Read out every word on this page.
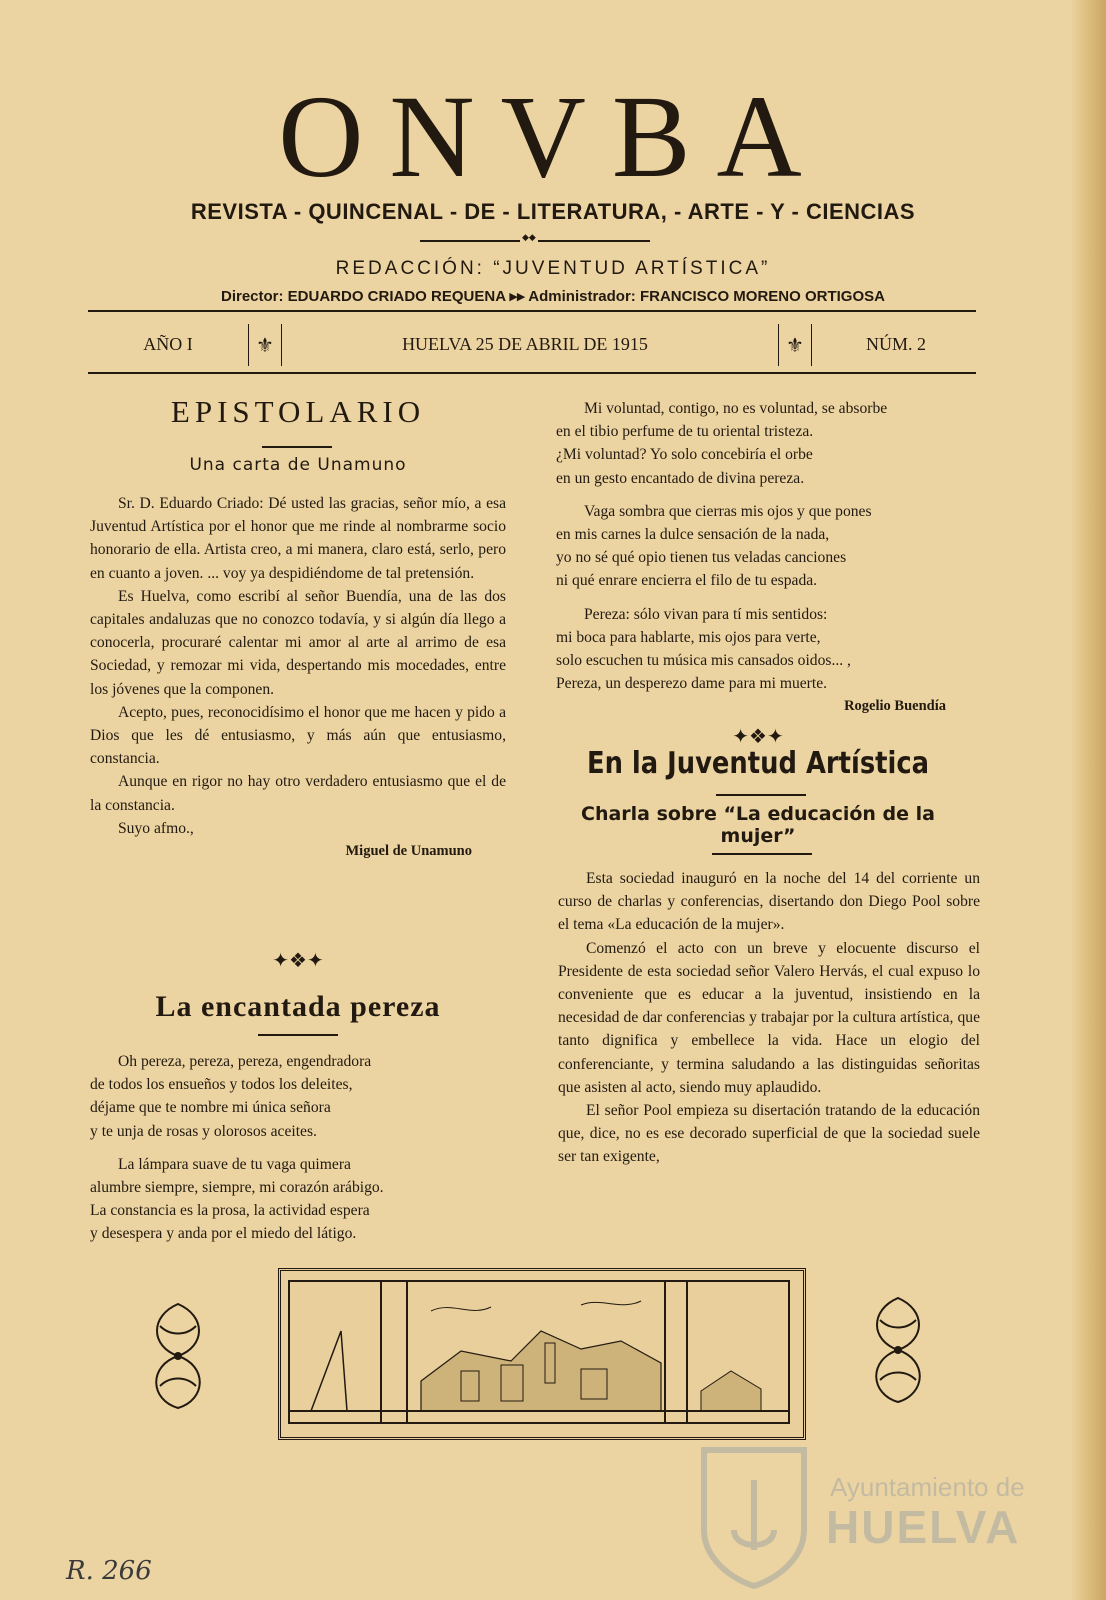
ONVBA
REVISTA - QUINCENAL - DE - LITERATURA, - ARTE - Y - CIENCIAS
◆◆
REDACCIÓN: “JUVENTUD ARTÍSTICA”
Director: EDUARDO CRIADO REQUENA ▸▸ Administrador: FRANCISCO MORENO ORTIGOSA
AÑO I	⚜	HUELVA 25 DE ABRIL DE 1915	⚜	NÚM. 2
EPISTOLARIO
Una carta de Unamuno

Sr. D. Eduardo Criado: Dé usted las gracias, señor mío, a esa Juventud Artística por el honor que me rinde al nombrarme socio honorario de ella. Artista creo, a mi manera, claro está, serlo, pero en cuanto a joven. ... voy ya despidiéndome de tal pretensión.

Es Huelva, como escribí al señor Buendía, una de las dos capitales andaluzas que no conozco todavía, y si algún día llego a conocerla, procuraré calentar mi amor al arte al arrimo de esa Sociedad, y remozar mi vida, despertando mis mocedades, entre los jóvenes que la componen.

Acepto, pues, reconocidísimo el honor que me hacen y pido a Dios que les dé entusiasmo, y más aún que entusiasmo, constancia.

Aunque en rigor no hay otro verdadero entusiasmo que el de la constancia.

Suyo afmo.,

Miguel de Unamuno
✦❖✦
La encantada pereza
Oh pereza, pereza, pereza, engendradora
de todos los ensueños y todos los deleites,
déjame que te nombre mi única señora
y te unja de rosas y olorosos aceites.
La lámpara suave de tu vaga quimera
alumbre siempre, siempre, mi corazón arábigo.
La constancia es la prosa, la actividad espera
y desespera y anda por el miedo del látigo.
Mi voluntad, contigo, no es voluntad, se absorbe
en el tibio perfume de tu oriental tristeza.
¿Mi voluntad? Yo solo concebiría el orbe
en un gesto encantado de divina pereza.
Vaga sombra que cierras mis ojos y que pones
en mis carnes la dulce sensación de la nada,
yo no sé qué opio tienen tus veladas canciones
ni qué enrare encierra el filo de tu espada.
Pereza: sólo vivan para tí mis sentidos:
mi boca para hablarte, mis ojos para verte,
solo escuchen tu música mis cansados oidos... ,
Pereza, un desperezo dame para mi muerte.
Rogelio Buendía
✦❖✦
En la Juventud Artística
Charla sobre “La educación de la mujer”

Esta sociedad inauguró en la noche del 14 del corriente un curso de charlas y conferencias, disertando don Diego Pool sobre el tema «La educación de la mujer».

Comenzó el acto con un breve y elocuente discurso el Presidente de esta sociedad señor Valero Hervás, el cual expuso lo conveniente que es educar a la juventud, insistiendo en la necesidad de dar conferencias y trabajar por la cultura artística, que tanto dignifica y embellece la vida. Hace un elogio del conferenciante, y termina saludando a las distinguidas señoritas que asisten al acto, siendo muy aplaudido.

El señor Pool empieza su disertación tratando de la educación que, dice, no es ese decorado superficial de que la sociedad suele ser tan exigente,

Ayuntamiento de
HUELVA
R. 266
